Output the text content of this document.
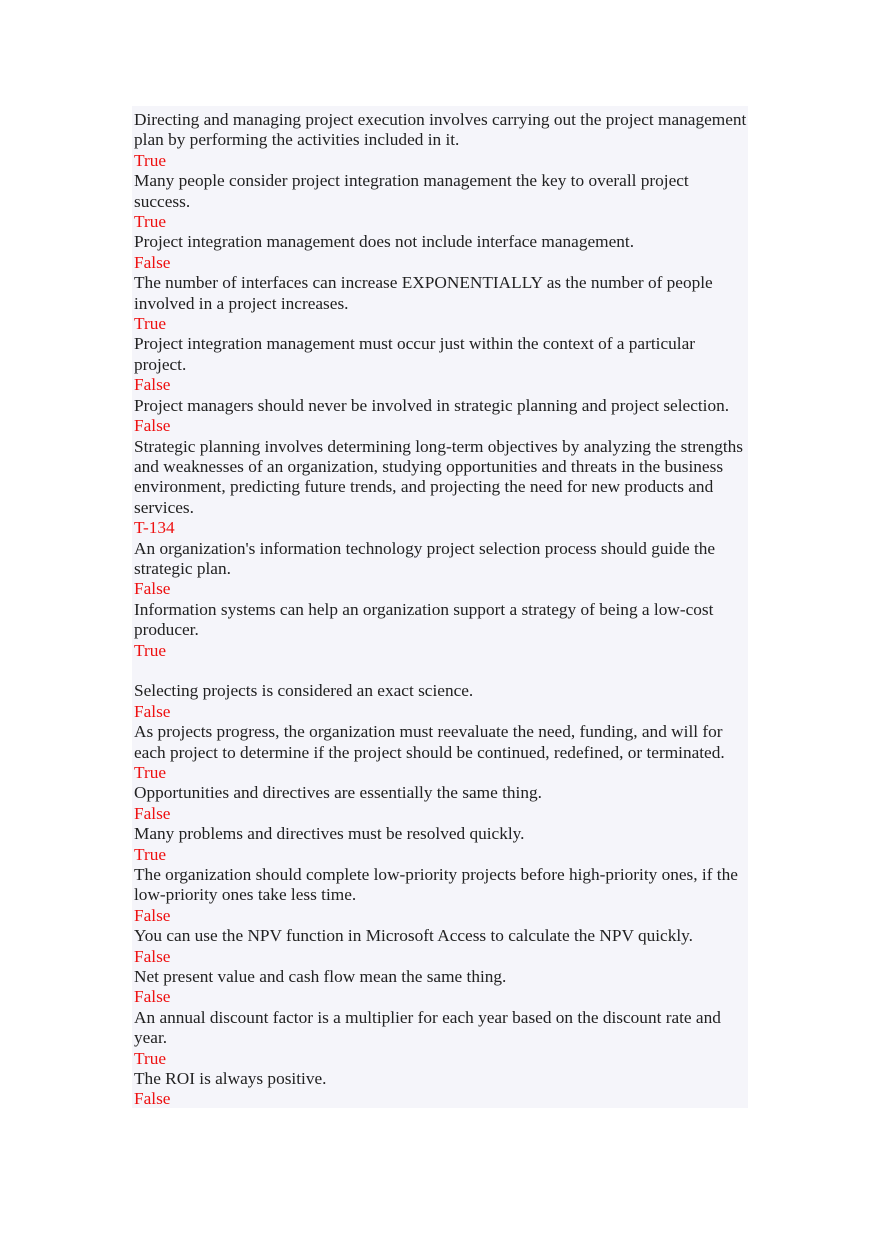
Directing and managing project execution involves carrying out the project management plan by performing the activities included in it.
True
Many people consider project integration management the key to overall project success.
True
Project integration management does not include interface management.
False
The number of interfaces can increase EXPONENTIALLY as the number of people involved in a project increases.
True
Project integration management must occur just within the context of a particular project.
False
Project managers should never be involved in strategic planning and project selection.
False
Strategic planning involves determining long-term objectives by analyzing the strengths and weaknesses of an organization, studying opportunities and threats in the business environment, predicting future trends, and projecting the need for new products and services.
T-134
An organization's information technology project selection process should guide the strategic plan.
False
Information systems can help an organization support a strategy of being a low-cost producer.
True
Selecting projects is considered an exact science.
False
As projects progress, the organization must reevaluate the need, funding, and will for each project to determine if the project should be continued, redefined, or terminated.
True
Opportunities and directives are essentially the same thing.
False
Many problems and directives must be resolved quickly.
True
The organization should complete low-priority projects before high-priority ones, if the low-priority ones take less time.
False
You can use the NPV function in Microsoft Access to calculate the NPV quickly.
False
Net present value and cash flow mean the same thing.
False
An annual discount factor is a multiplier for each year based on the discount rate and year.
True
The ROI is always positive.
False
